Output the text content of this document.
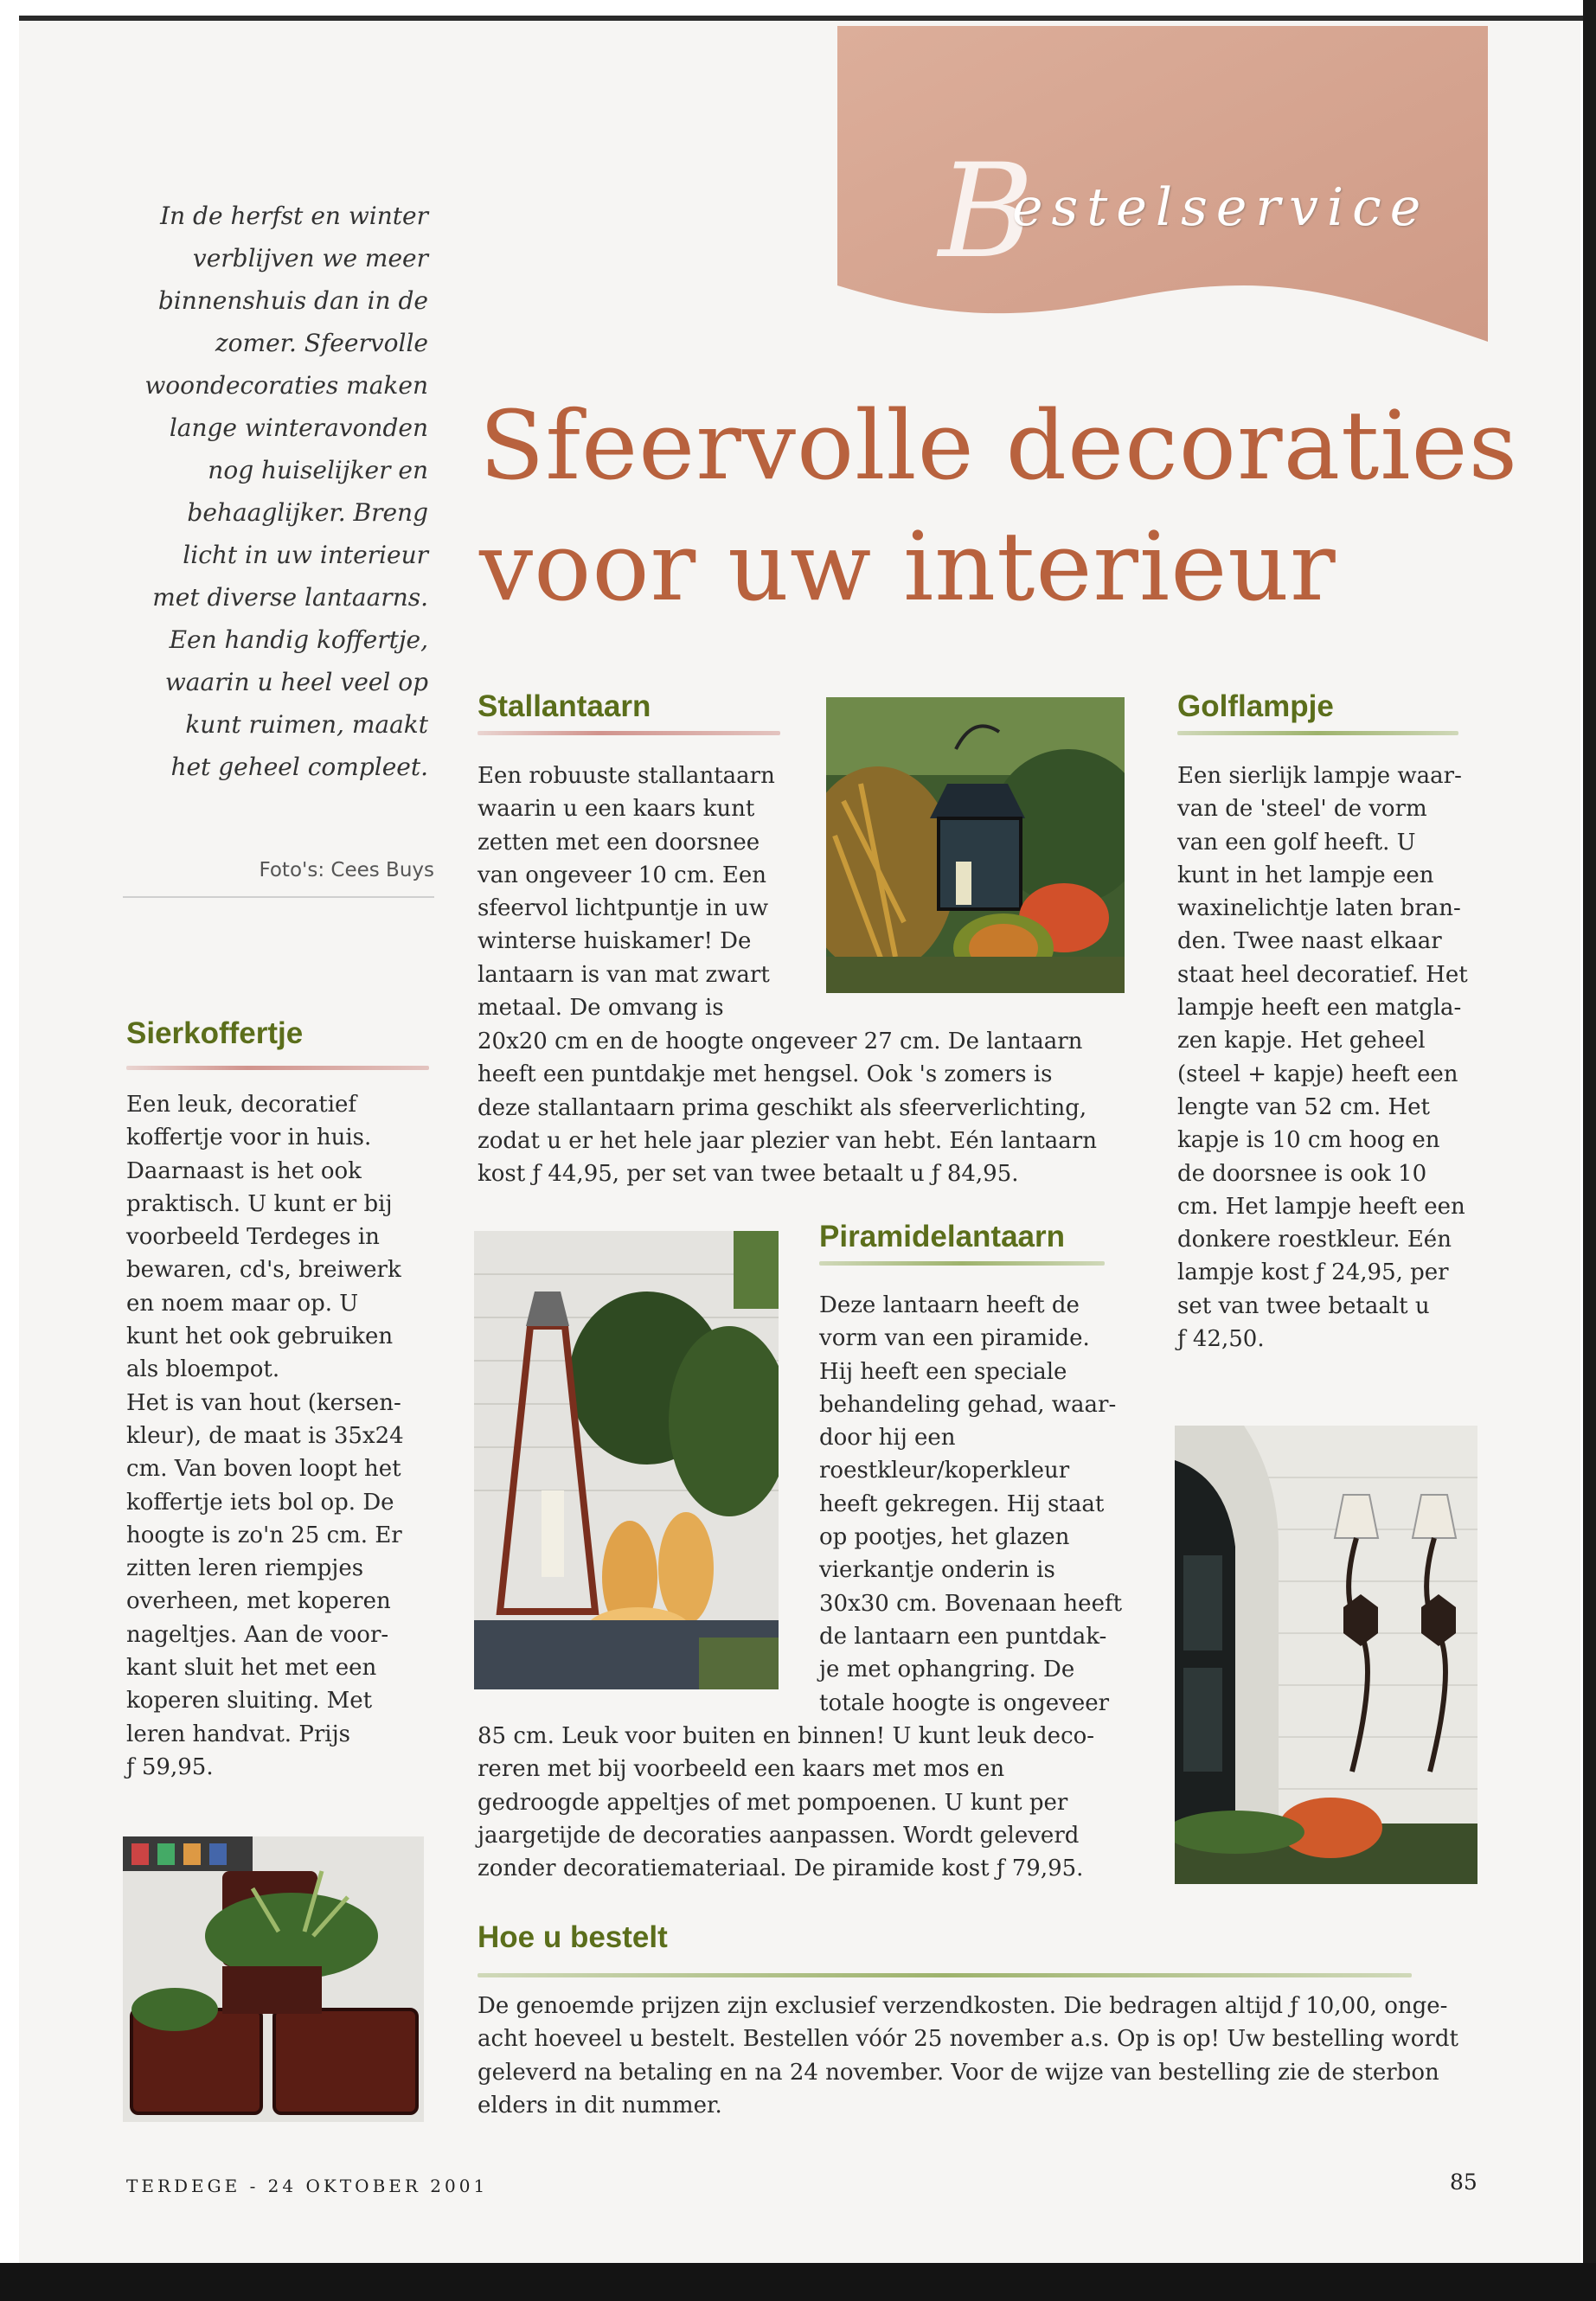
B
estelservice
Sfeervolle decoraties
voor uw interieur
In de herfst en winter
verblijven we meer
binnenshuis dan in de
zomer. Sfeervolle
woondecoraties maken
lange winteravonden
nog huiselijker en
behaaglijker. Breng
licht in uw interieur
met diverse lantaarns.
Een handig koffertje,
waarin u heel veel op
kunt ruimen, maakt
het geheel compleet.
Foto's: Cees Buys
Sierkoffertje
Een leuk, decoratief
koffertje voor in huis.
Daarnaast is het ook
praktisch. U kunt er bij
voorbeeld Terdeges in
bewaren, cd's, breiwerk
en noem maar op. U
kunt het ook gebruiken
als bloempot.
Het is van hout (kersen-
kleur), de maat is 35x24
cm. Van boven loopt het
koffertje iets bol op. De
hoogte is zo'n 25 cm. Er
zitten leren riempjes
overheen, met koperen
nageltjes. Aan de voor-
kant sluit het met een
koperen sluiting. Met
leren handvat. Prijs
ƒ 59,95.
Stallantaarn
Een robuuste stallantaarn
waarin u een kaars kunt
zetten met een doorsnee
van ongeveer 10 cm. Een
sfeervol lichtpuntje in uw
winterse huiskamer! De
lantaarn is van mat zwart
metaal. De omvang is
20x20 cm en de hoogte ongeveer 27 cm. De lantaarn
heeft een puntdakje met hengsel. Ook 's zomers is
deze stallantaarn prima geschikt als sfeerverlichting,
zodat u er het hele jaar plezier van hebt. Eén lantaarn
kost ƒ 44,95, per set van twee betaalt u ƒ 84,95.
Golflampje
Een sierlijk lampje waar-
van de 'steel' de vorm
van een golf heeft. U
kunt in het lampje een
waxinelichtje laten bran-
den. Twee naast elkaar
staat heel decoratief. Het
lampje heeft een matgla-
zen kapje. Het geheel
(steel + kapje) heeft een
lengte van 52 cm. Het
kapje is 10 cm hoog en
de doorsnee is ook 10
cm. Het lampje heeft een
donkere roestkleur. Eén
lampje kost ƒ 24,95, per
set van twee betaalt u
ƒ 42,50.
Piramidelantaarn
Deze lantaarn heeft de
vorm van een piramide.
Hij heeft een speciale
behandeling gehad, waar-
door hij een
roestkleur/koperkleur
heeft gekregen. Hij staat
op pootjes, het glazen
vierkantje onderin is
30x30 cm. Bovenaan heeft
de lantaarn een puntdak-
je met ophangring. De
totale hoogte is ongeveer
85 cm. Leuk voor buiten en binnen! U kunt leuk deco-
reren met bij voorbeeld een kaars met mos en
gedroogde appeltjes of met pompoenen. U kunt per
jaargetijde de decoraties aanpassen. Wordt geleverd
zonder decoratiemateriaal. De piramide kost ƒ 79,95.
Hoe u bestelt
De genoemde prijzen zijn exclusief verzendkosten. Die bedragen altijd ƒ 10,00, onge-
acht hoeveel u bestelt. Bestellen vóór 25 november a.s. Op is op! Uw bestelling wordt
geleverd na betaling en na 24 november. Voor de wijze van bestelling zie de sterbon
elders in dit nummer.
TERDEGE - 24 OKTOBER 2001	85
